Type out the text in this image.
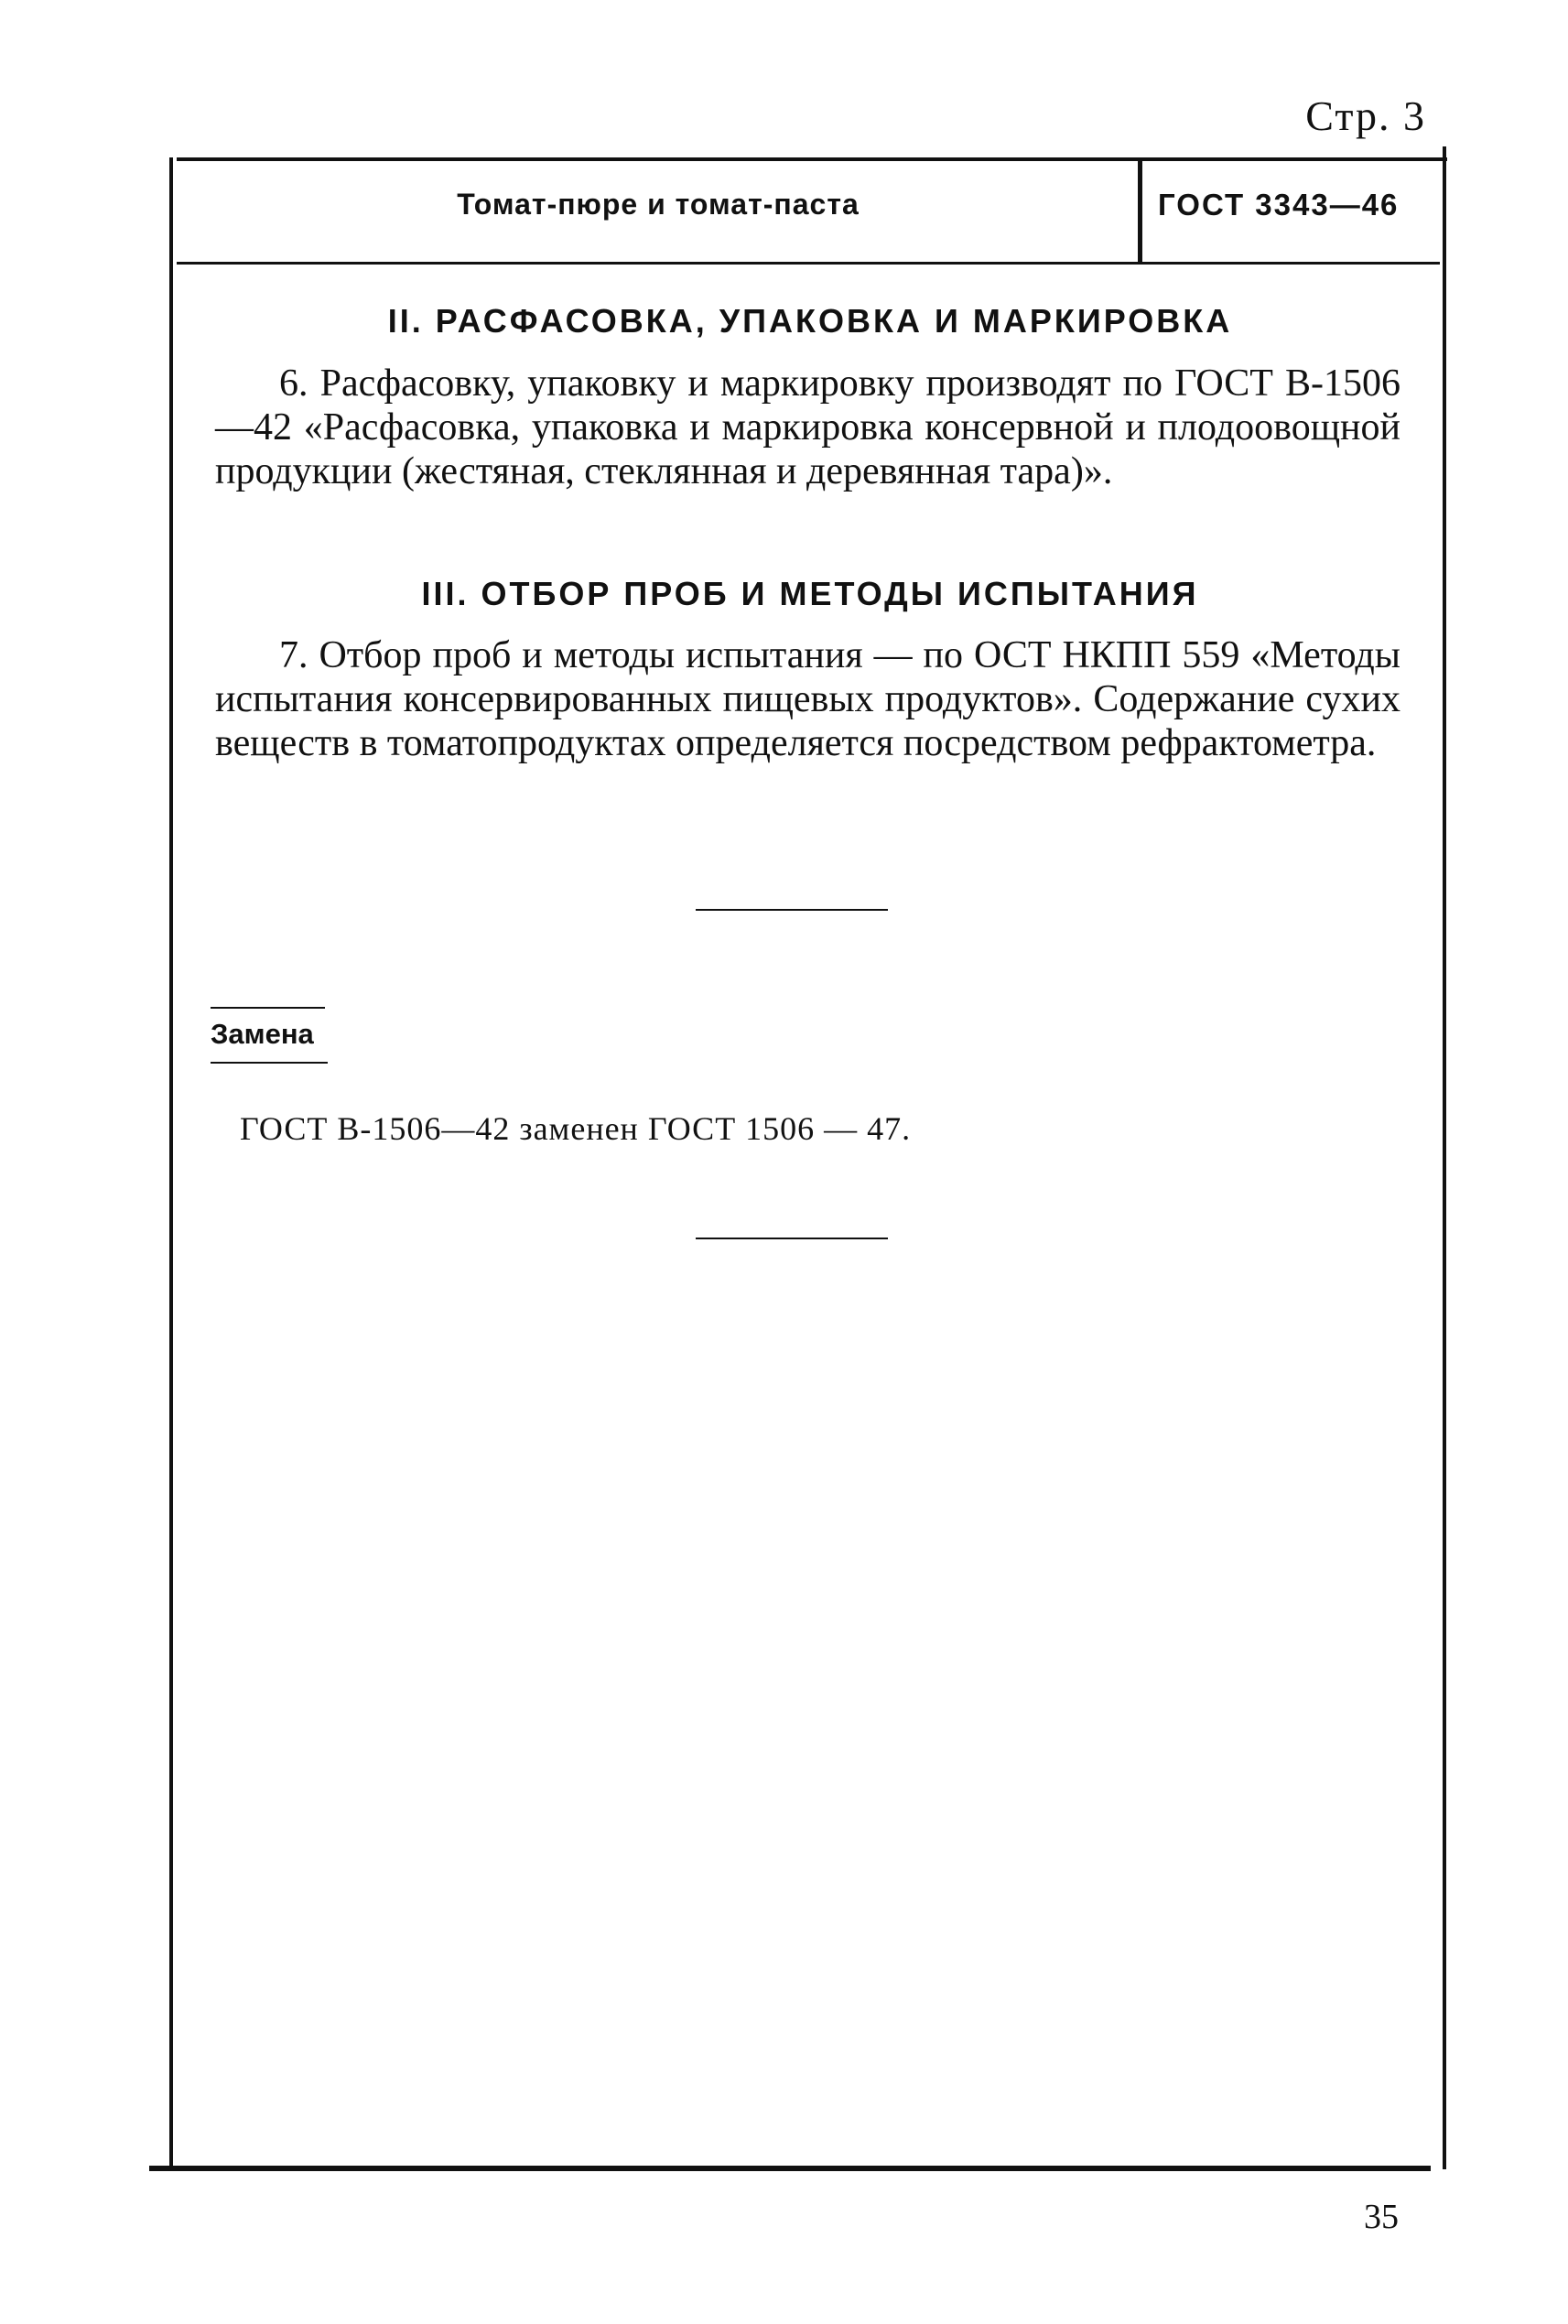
Стр. 3
Томат-пюре и томат-паста	ГОСТ 3343—46
II. РАСФАСОВКА, УПАКОВКА И МАРКИРОВКА

6. Расфасовку, упаковку и маркировку производят по ГОСТ В-1506—42 «Расфасовка, упаковка и маркировка консервной и плодоовощной продукции (жестяная, стеклянная и деревянная тара)».

III. ОТБОР ПРОБ И МЕТОДЫ ИСПЫТАНИЯ

7. Отбор проб и методы испытания — по ОСТ НКПП 559 «Методы испытания консервированных пищевых продуктов». Содержание сухих веществ в томатопродуктах определяется посредством рефрактометра.

Замена
ГОСТ В-1506—42 заменен ГОСТ 1506 — 47.
35
